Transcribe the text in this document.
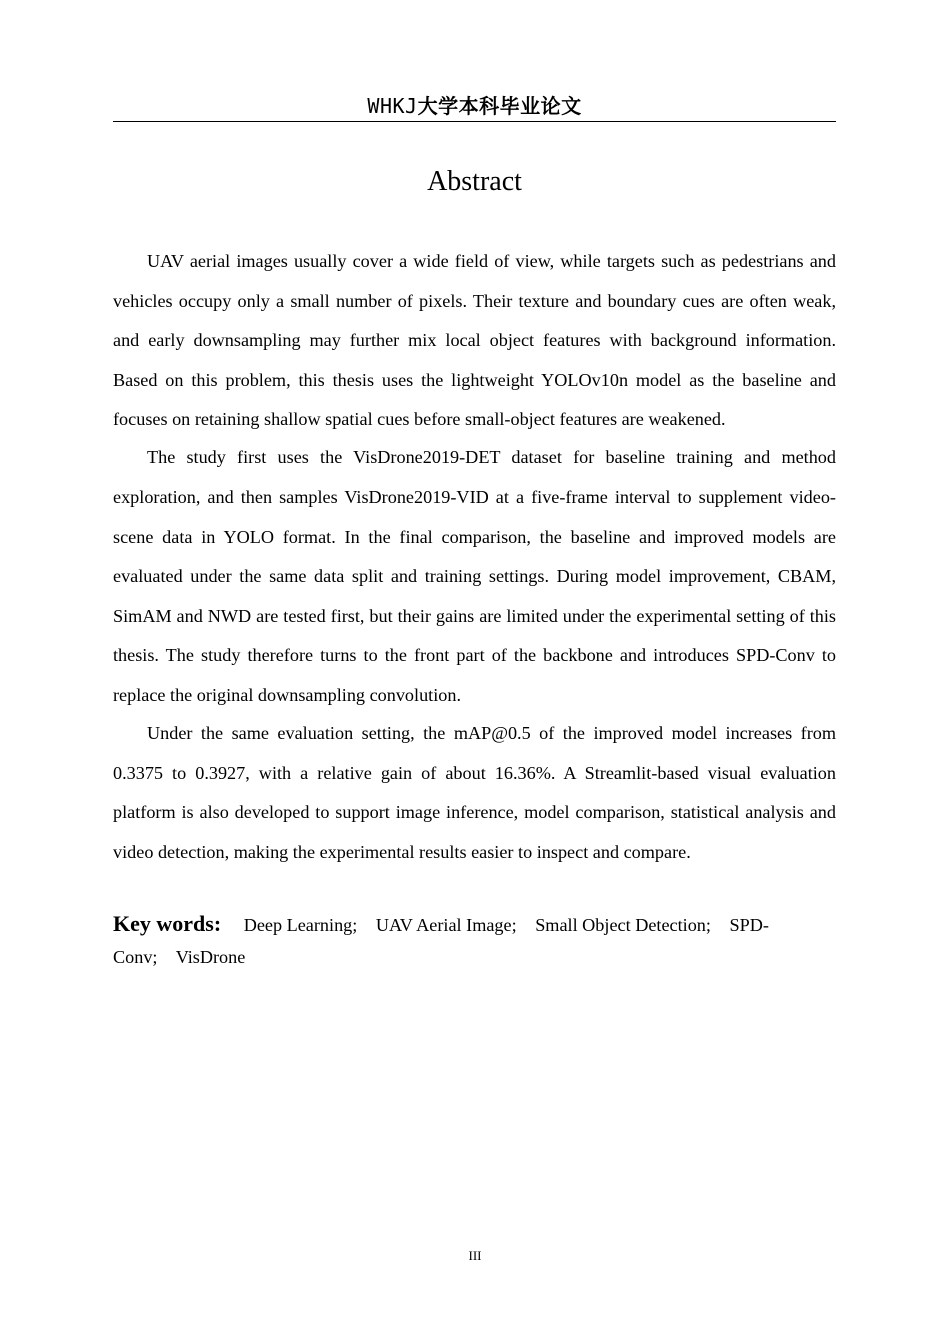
WHKJ大学本科毕业论文
Abstract

UAV aerial images usually cover a wide field of view, while targets such as pedestrians and vehicles occupy only a small number of pixels. Their texture and boundary cues are often weak, and early downsampling may further mix local object features with background information. Based on this problem, this thesis uses the lightweight YOLOv10n model as the baseline and focuses on retaining shallow spatial cues before small-object features are weakened.

The study first uses the VisDrone2019-DET dataset for baseline training and method exploration, and then samples VisDrone2019-VID at a five-frame interval to supplement video-scene data in YOLO format. In the final comparison, the baseline and improved models are evaluated under the same data split and training settings. During model improvement, CBAM, SimAM and NWD are tested first, but their gains are limited under the experimental setting of this thesis. The study therefore turns to the front part of the backbone and introduces SPD-Conv to replace the original downsampling convolution.

Under the same evaluation setting, the mAP@0.5 of the improved model increases from 0.3375 to 0.3927, with a relative gain of about 16.36%. A Streamlit-based visual evaluation platform is also developed to support image inference, model comparison, statistical analysis and video detection, making the experimental results easier to inspect and compare.

Key words: Deep Learning; UAV Aerial Image; Small Object Detection; SPD-Conv; VisDrone
III
